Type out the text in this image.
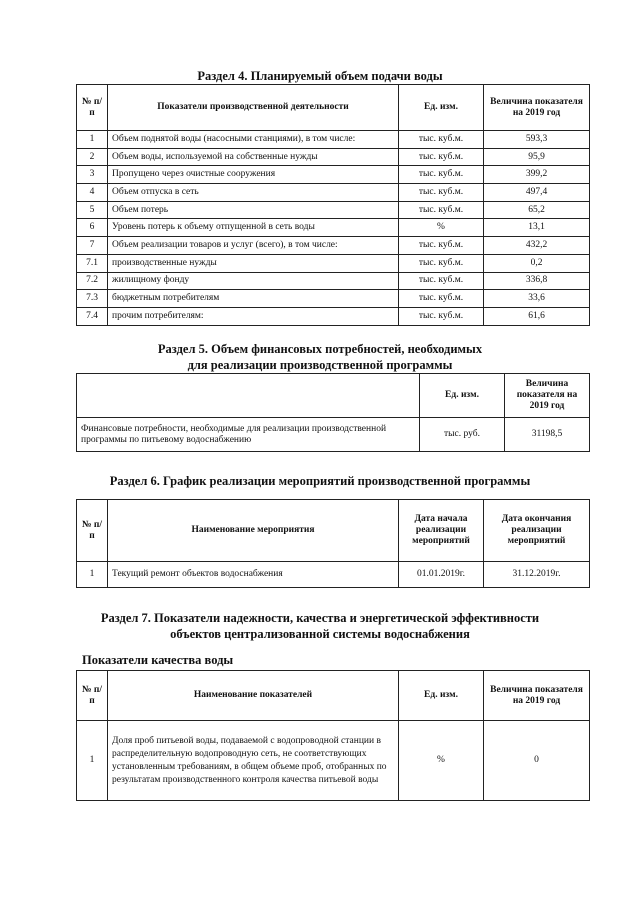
Раздел 4. Планируемый объем подачи воды
№ п/п	Показатели производственной деятельности	Ед. изм.	Величина показателя на 2019 год
1	Объем поднятой воды (насосными станциями), в том числе:	тыс. куб.м.	593,3
2	Объем воды, используемой на собственные нужды	тыс. куб.м.	95,9
3	Пропущено через очистные сооружения	тыс. куб.м.	399,2
4	Объем отпуска в сеть	тыс. куб.м.	497,4
5	Объем потерь	тыс. куб.м.	65,2
6	Уровень потерь к объему отпущенной в сеть воды	%	13,1
7	Объем реализации товаров и услуг (всего), в том числе:	тыс. куб.м.	432,2
7.1	производственные нужды	тыс. куб.м.	0,2
7.2	жилищному фонду	тыс. куб.м.	336,8
7.3	бюджетным потребителям	тыс. куб.м.	33,6
7.4	прочим потребителям:	тыс. куб.м.	61,6
Раздел 5. Объем финансовых потребностей, необходимых
для реализации производственной программы
	Ед. изм.	Величина показателя на 2019 год
Финансовые потребности, необходимые для реализации производственной программы по питьевому водоснабжению	тыс. руб.	31198,5
Раздел 6. График реализации мероприятий производственной программы
№ п/п	Наименование мероприятия	Дата начала реализации мероприятий	Дата окончания реализации мероприятий
1	Текущий ремонт объектов водоснабжения	01.01.2019г.	31.12.2019г.
Раздел 7. Показатели надежности, качества и энергетической эффективности
объектов централизованной системы водоснабжения

Показатели качества воды

№ п/п	Наименование показателей	Ед. изм.	Величина показателя на 2019 год
1	Доля проб питьевой воды, подаваемой с водопроводной станции в распределительную водопроводную сеть, не соответствующих установленным требованиям, в общем объеме проб, отобранных по результатам производственного контроля качества питьевой воды	%	0
